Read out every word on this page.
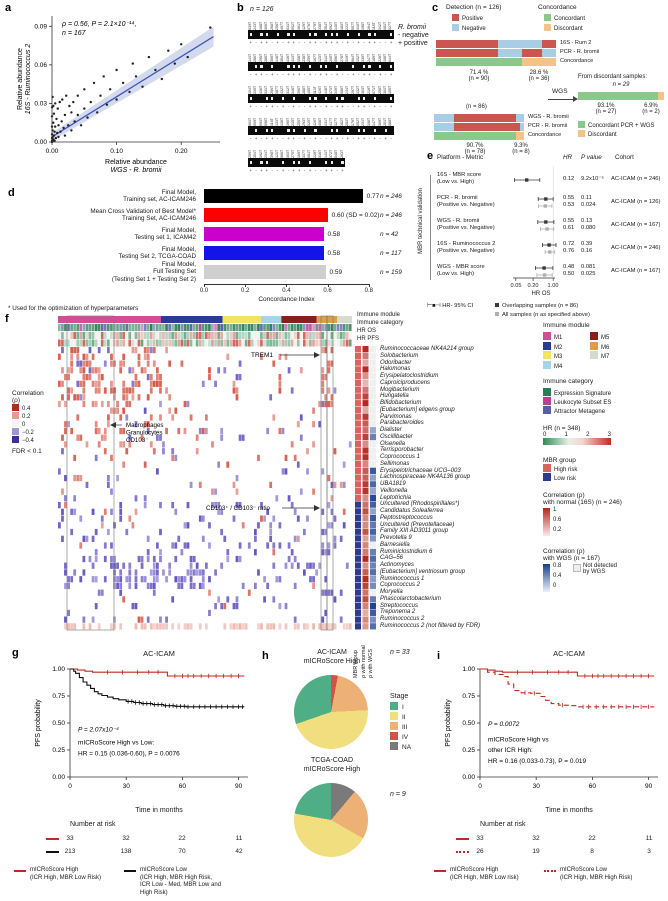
a	b	c
d
e
f
g	h	i
0.09
0.06
0.03
0.00
0.00	0.10	0.20
ρ = 0.56, P = 2.1×10⁻¹⁴,
n = 167
Relative abundance 16S - Ruminococcus 2
Relative abundance
WGS - R. bromii
n = 126
R. bromii
- negative
+ positive
039T 243T 168T 306T 268T 256T 407T 031T 002T 361T 129T 076T 279T 338T 354T 092T 140T 183T 221T 057T 310T 198T 264T 115T 342T 081T 027T
+ - + + - + - + + - - + + - + + + - + - + - + + - - +
143T 286T 295T 288T 366T 148T 354T 416T 413T 158T 238T 259T 167T 123T 341T 205T 096T 278T 319T 064T 152T 330T 247T 189T 226T 108T 044T
- + + - + - - + + + - + - + + - + - - + - + + - + - +
104T 335T 436T 331T 206T 387T 432T 312T 346T 390T 288T 405T 113T 426T 448T 173T 349T 086T 244T 297T 132T 363T 219T 071T 258T 301T 155T
+ - - + + - + - + - - + + - + - + + - - + + - + - - +
063T 009T 093T 098T 116T 133T 136T 190T 215T 250T 293T 329T 426T 408T 431T 417T 327T 382T 283T 176T 052T 234T 308T 147T 369T 201T 088T
- + - + + - - + + - + - + - - + + - + - + + - + - + -
259T 354T 192T 234T 398T 121T 066T 303T 275T 160T 337T 084T 229T 316T 141T 372T 048T 263T
+ - + + - - + - + + - + - - + + - +
Detection (n = 126)
Positive
Negative
Concordance
Concordant
Discordant
16S - Rum 2
PCR - R. bromii
Concordance
71.4 %
(n = 90)
28.6 %
(n = 36)
WGS
From discordant samples:
n = 29
93.1%
(n = 27)
6.9%
(n = 2)
Concordant PCR + WGS
Discordant
(n = 86)
WGS - R. bromii
PCR - R. bromii
Concordance
90.7%
(n = 78)
9.3%
(n = 8)
Final Model,
Training set, AC-ICAM246	0.77 n = 246
Mean Cross Validation of Best Model*
Training Set, AC-ICAM246	0.60 (SD = 0.02) n = 246
Final Model,
Testing set 1, ICAM42	0.58	n = 42
Final Model,
Testing Set 2, TCGA-COAD	0.58	n = 117
Final Model,
Full Testing Set
(Testing Set 1 + Testing Set 2)
0.59	n = 159
0.0	0.2	0.4	0.6	0.8
Concordance Index
* Used for the optimization of hyperparameters
Platform - Metric	HR P value Cohort
16S - MBR score
(Low vs. High)	0.12 9.2x10⁻⁵ AC-ICAM (n = 246)
PCR - R. bromii
(Positive vs. Negative)
0.55 0.11
0.53 0.024	AC-ICAM (n = 126)
WGS - R. bromii
(Positive vs. Negative)
0.55 0.13
0.61 0.080	AC-ICAM (n = 167)
16S - Ruminococcus 2
(Positive vs. Negative)
0.72 0.39
0.76 0.16	AC-ICAM (n = 246)
WGS - MBR score
(Low vs. High)
0.48 0.081
0.50 0.025	AC-ICAM (n = 167)
0.05	0.20	1.00
HR OS
⊢■⊣ HR- 95% CI	Overlapping samples (n = 86)
All samples (n as specified above)
Immune module
Immune category
HR OS
HR PFS
TREM1
Macrophages
Granulocytes
CD103⁻
CD103⁺ / CD103⁻ ratio
Ruminococcaceae NK4A214 group
Solobacterium
Odoribacter
Halomonas
Erysipelatoclostridium
Caproiciproducens
Mogibacterium
Hungatella
Bifidobacterium
[Eubacterium] eligens group
Parvimonas
Parabacteroides
Dialister
Oscillibacter
Olsenella
Terrisporobacter
Coprococcus 1
Sellimonas
Erysipelotrichaceae UCG–003
Lachnospiraceae NK4A136 group
UBA1819
Veillonella
Leptotrichia
Uncultered (Rhodospirillales*)
Candidatus Soleaferrea
Peptostreptococcus
Uncultered (Prevotellaceae)
Family XIII AD3011 group
Prevotella 9
Barnesiella
Ruminiclostridium 6
CAG–56
Actinomyces
[Eubacterium] ventriosum group
Ruminococcus 1
Coprococcus 2
Moryella
Phascolarctobacterium
Streptococcus
Treponema 2
Ruminococcus 2
Ruminococcus 2 (not filtered by FDR)
MBR group ρ with normal ρ with WGS
Correlation
(ρ)
0.4
0.2
0
−0.2
−0.4
FDR < 0.1
Immune module
M1
M2
M3
M4
M5
M6
M7
Immune category
Expression Signature
Leukocyte Subset ES
Attractor Metagene
HR (n = 348)
0	1	2	3
MBR group
High risk
Low risk
Correlation (ρ)
with normal (16S) (n = 246)
1
0.6
0.2
Correlation (ρ)
with WGS (n = 167)
0.8
0.4
0
Not detected
by WGS
AC-ICAM
1.00
0.75
0.50
0.25
0.00
0	30	60	90
PFS probability	P = 2.07x10⁻⁴
mICRoScore High vs Low:
HR = 0.15 (0.036-0.60), P = 0.0076
Time in months
Number at risk
33	32	22	11
213	138	70	42
mICRoScore High
(ICR High, MBR Low Risk)
mICRoScore Low
(ICR High, MBR High Risk,
ICR Low - Med, MBR Low and
High Risk)
AC-ICAM
mICRoScore High
n = 33
TCGA-COAD
mICRoScore High
n = 9
Stage
I
II
III
IV
NA
AC-ICAM
1.00
0.75
0.50
0.25
0.00
0	30	60	90
PFS probability	P = 0.0072
mICRoScore High vs
other ICR High:
HR = 0.16 (0.033-0.73), P = 0.019
Time in months
Number at risk
33	32	22	11
26	19	8	3
mICRoScore High
(ICR High, MBR Low risk)
mICRoScore Low
(ICR High, MBR High Risk)
MBR technical validation
